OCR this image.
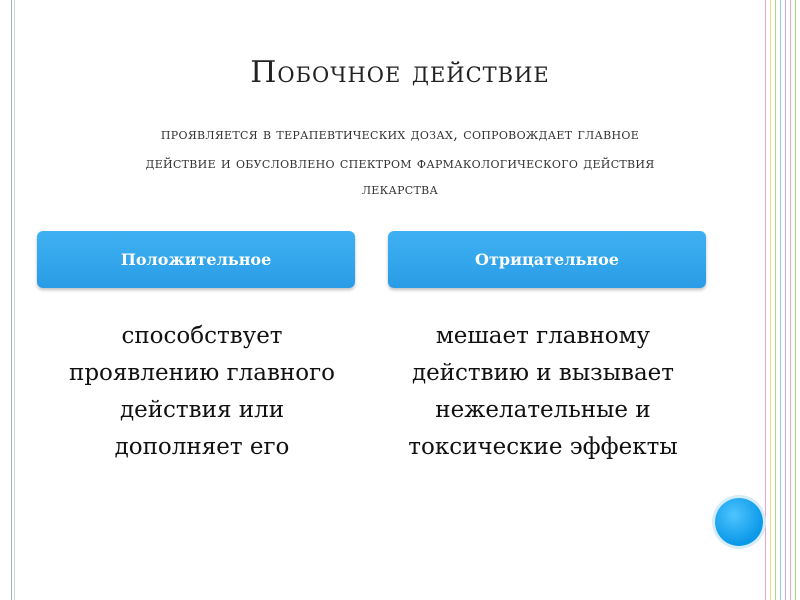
Побочное действие
проявляется в терапевтических дозах, сопровождает главное
действие и обусловлено спектром фармакологического действия
лекарства
Положительное	Отрицательное
способствует
проявлению главного
действия или
дополняет его
мешает главному
действию и вызывает
нежелательные и
токсические эффекты
